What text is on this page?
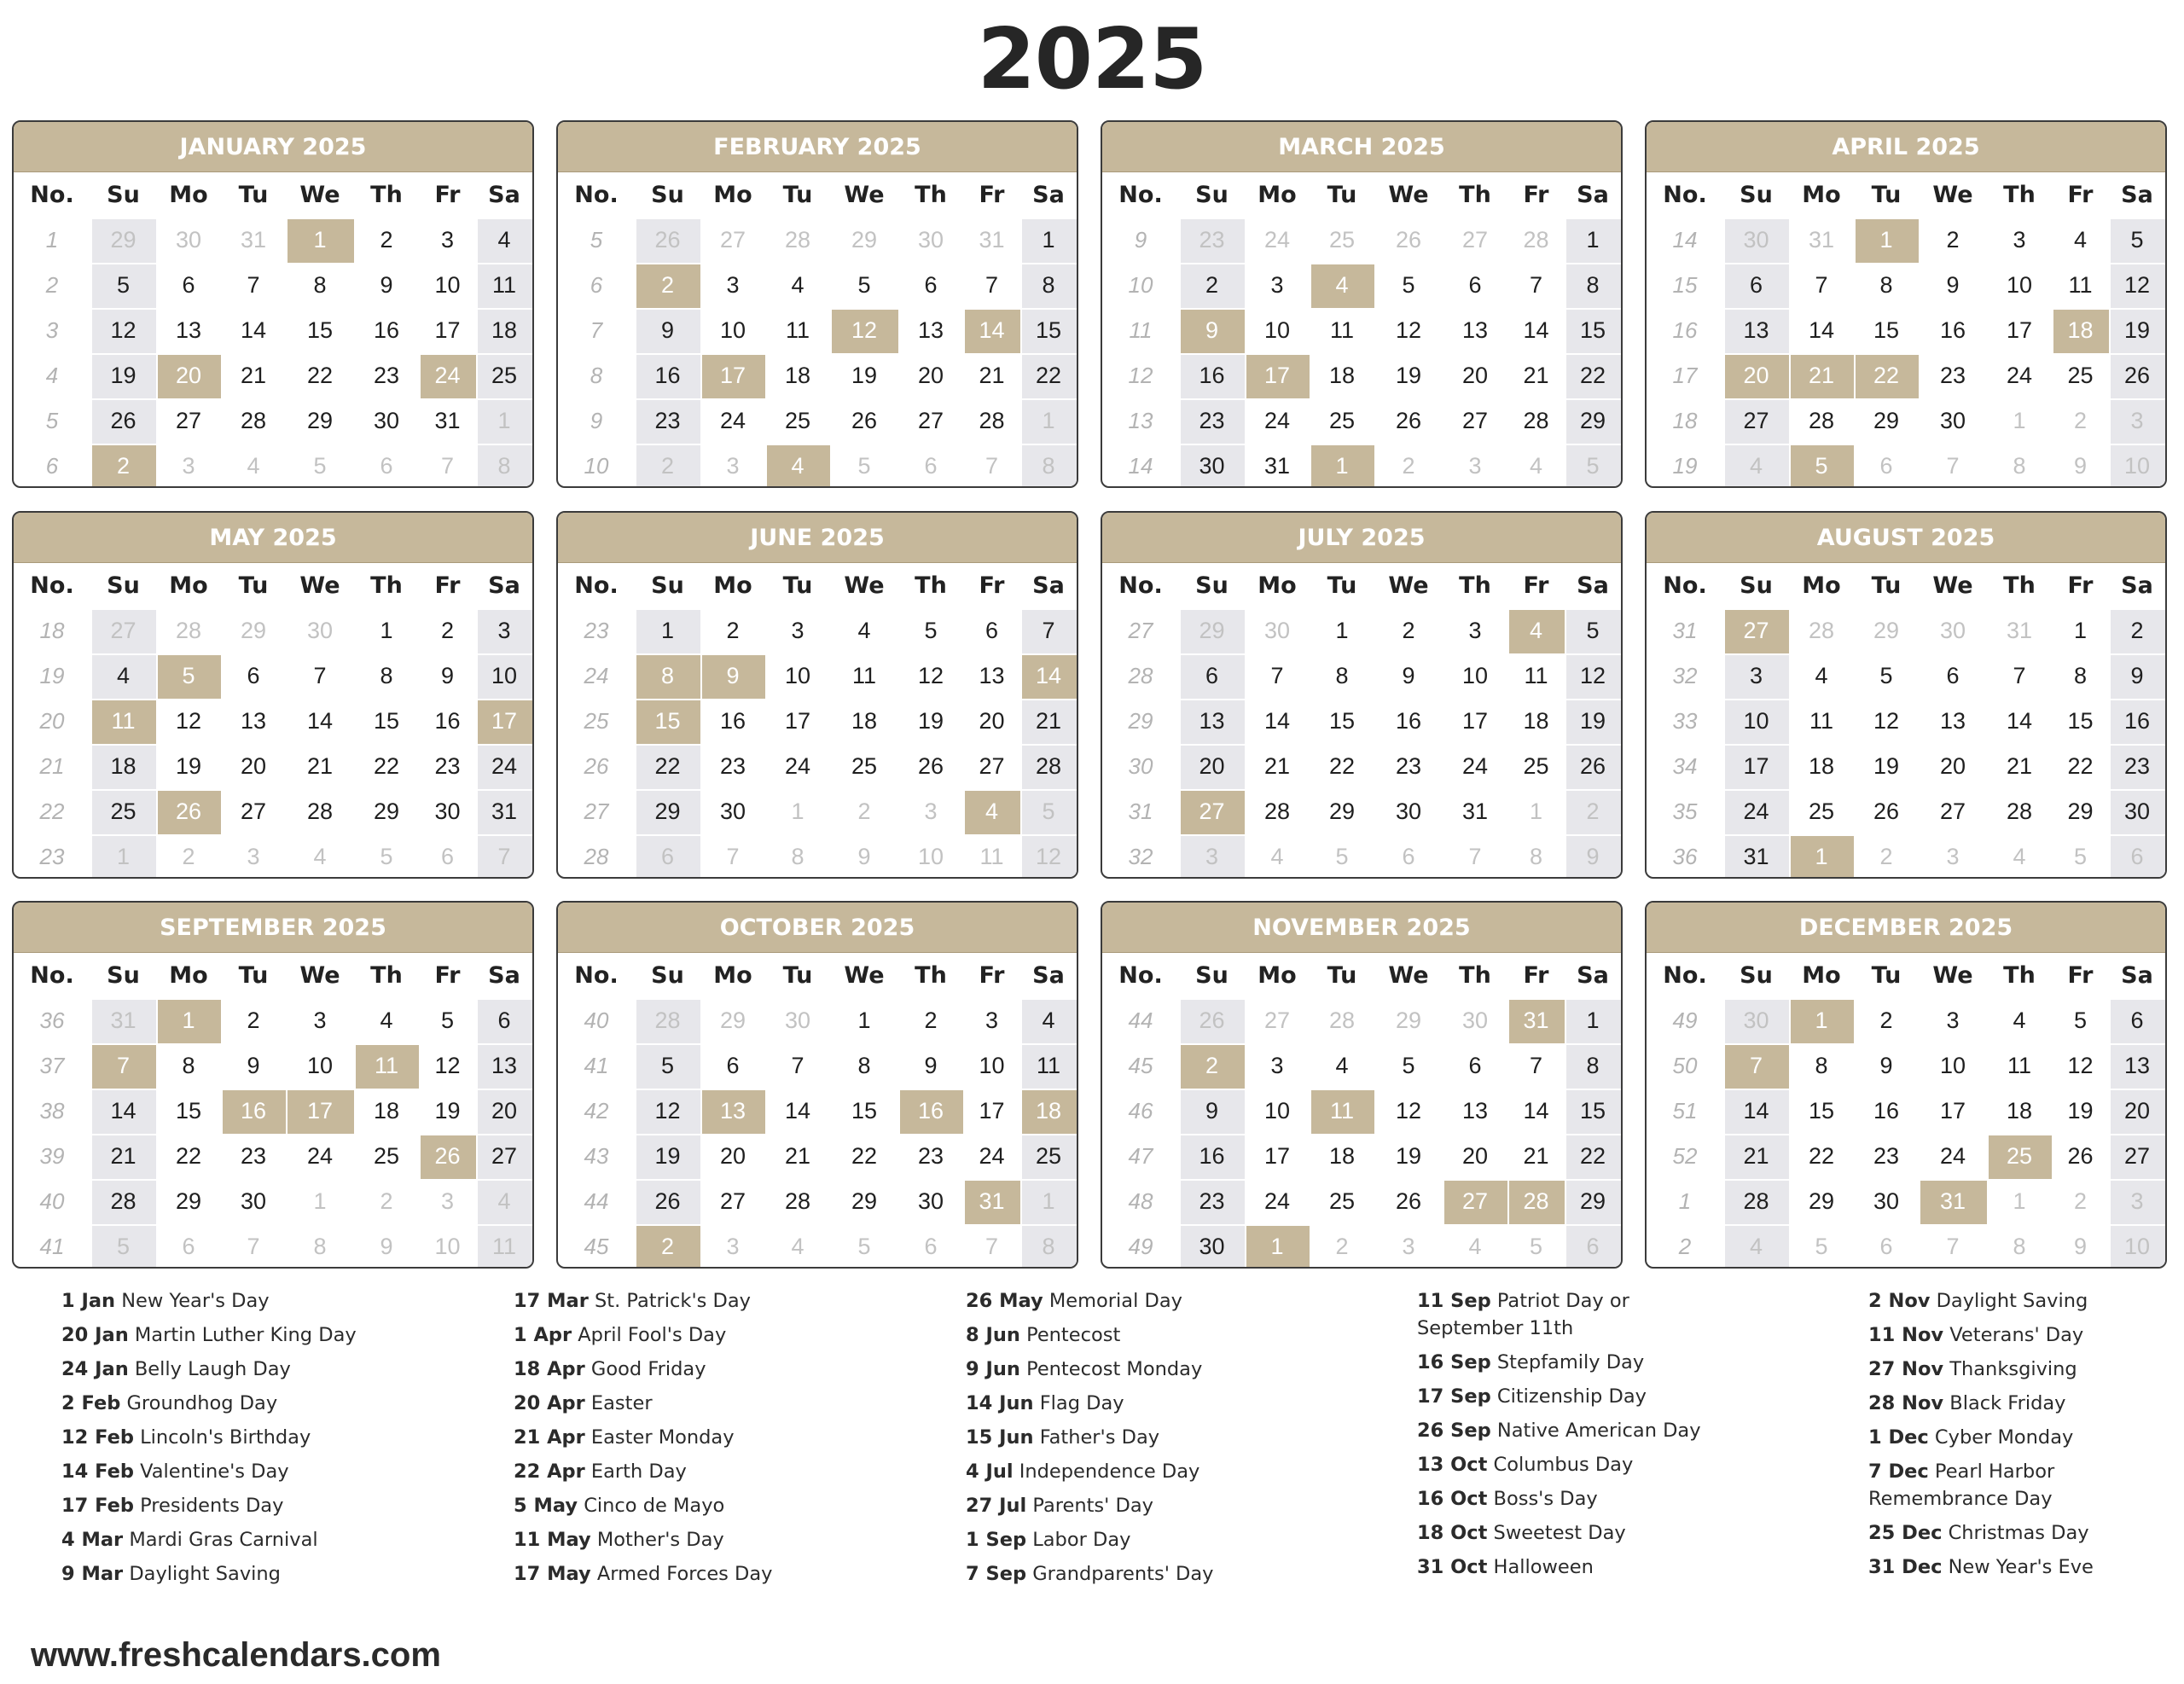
2025
JANUARY 2025
No.	Su	Mo	Tu	We	Th	Fr	Sa
1	29	30	31	1	2	3	4
2	5	6	7	8	9	10	11
3	12	13	14	15	16	17	18
4	19	20	21	22	23	24	25
5	26	27	28	29	30	31	1
6	2	3	4	5	6	7	8
FEBRUARY 2025
No.	Su	Mo	Tu	We	Th	Fr	Sa
5	26	27	28	29	30	31	1
6	2	3	4	5	6	7	8
7	9	10	11	12	13	14	15
8	16	17	18	19	20	21	22
9	23	24	25	26	27	28	1
10	2	3	4	5	6	7	8
MARCH 2025
No.	Su	Mo	Tu	We	Th	Fr	Sa
9	23	24	25	26	27	28	1
10	2	3	4	5	6	7	8
11	9	10	11	12	13	14	15
12	16	17	18	19	20	21	22
13	23	24	25	26	27	28	29
14	30	31	1	2	3	4	5
APRIL 2025
No.	Su	Mo	Tu	We	Th	Fr	Sa
14	30	31	1	2	3	4	5
15	6	7	8	9	10	11	12
16	13	14	15	16	17	18	19
17	20	21	22	23	24	25	26
18	27	28	29	30	1	2	3
19	4	5	6	7	8	9	10
MAY 2025
No.	Su	Mo	Tu	We	Th	Fr	Sa
18	27	28	29	30	1	2	3
19	4	5	6	7	8	9	10
20	11	12	13	14	15	16	17
21	18	19	20	21	22	23	24
22	25	26	27	28	29	30	31
23	1	2	3	4	5	6	7
JUNE 2025
No.	Su	Mo	Tu	We	Th	Fr	Sa
23	1	2	3	4	5	6	7
24	8	9	10	11	12	13	14
25	15	16	17	18	19	20	21
26	22	23	24	25	26	27	28
27	29	30	1	2	3	4	5
28	6	7	8	9	10	11	12
JULY 2025
No.	Su	Mo	Tu	We	Th	Fr	Sa
27	29	30	1	2	3	4	5
28	6	7	8	9	10	11	12
29	13	14	15	16	17	18	19
30	20	21	22	23	24	25	26
31	27	28	29	30	31	1	2
32	3	4	5	6	7	8	9
AUGUST 2025
No.	Su	Mo	Tu	We	Th	Fr	Sa
31	27	28	29	30	31	1	2
32	3	4	5	6	7	8	9
33	10	11	12	13	14	15	16
34	17	18	19	20	21	22	23
35	24	25	26	27	28	29	30
36	31	1	2	3	4	5	6
SEPTEMBER 2025
No.	Su	Mo	Tu	We	Th	Fr	Sa
36	31	1	2	3	4	5	6
37	7	8	9	10	11	12	13
38	14	15	16	17	18	19	20
39	21	22	23	24	25	26	27
40	28	29	30	1	2	3	4
41	5	6	7	8	9	10	11
OCTOBER 2025
No.	Su	Mo	Tu	We	Th	Fr	Sa
40	28	29	30	1	2	3	4
41	5	6	7	8	9	10	11
42	12	13	14	15	16	17	18
43	19	20	21	22	23	24	25
44	26	27	28	29	30	31	1
45	2	3	4	5	6	7	8
NOVEMBER 2025
No.	Su	Mo	Tu	We	Th	Fr	Sa
44	26	27	28	29	30	31	1
45	2	3	4	5	6	7	8
46	9	10	11	12	13	14	15
47	16	17	18	19	20	21	22
48	23	24	25	26	27	28	29
49	30	1	2	3	4	5	6
DECEMBER 2025
No.	Su	Mo	Tu	We	Th	Fr	Sa
49	30	1	2	3	4	5	6
50	7	8	9	10	11	12	13
51	14	15	16	17	18	19	20
52	21	22	23	24	25	26	27
1	28	29	30	31	1	2	3
2	4	5	6	7	8	9	10
1 Jan New Year's Day
20 Jan Martin Luther King Day
24 Jan Belly Laugh Day
2 Feb Groundhog Day
12 Feb Lincoln's Birthday
14 Feb Valentine's Day
17 Feb Presidents Day
4 Mar Mardi Gras Carnival
9 Mar Daylight Saving
17 Mar St. Patrick's Day
1 Apr April Fool's Day
18 Apr Good Friday
20 Apr Easter
21 Apr Easter Monday
22 Apr Earth Day
5 May Cinco de Mayo
11 May Mother's Day
17 May Armed Forces Day
26 May Memorial Day
8 Jun Pentecost
9 Jun Pentecost Monday
14 Jun Flag Day
15 Jun Father's Day
4 Jul Independence Day
27 Jul Parents' Day
1 Sep Labor Day
7 Sep Grandparents' Day
11 Sep Patriot Day or September 11th
16 Sep Stepfamily Day
17 Sep Citizenship Day
26 Sep Native American Day
13 Oct Columbus Day
16 Oct Boss's Day
18 Oct Sweetest Day
31 Oct Halloween
2 Nov Daylight Saving
11 Nov Veterans' Day
27 Nov Thanksgiving
28 Nov Black Friday
1 Dec Cyber Monday
7 Dec Pearl Harbor Remembrance Day
25 Dec Christmas Day
31 Dec New Year's Eve
www.freshcalendars.com
